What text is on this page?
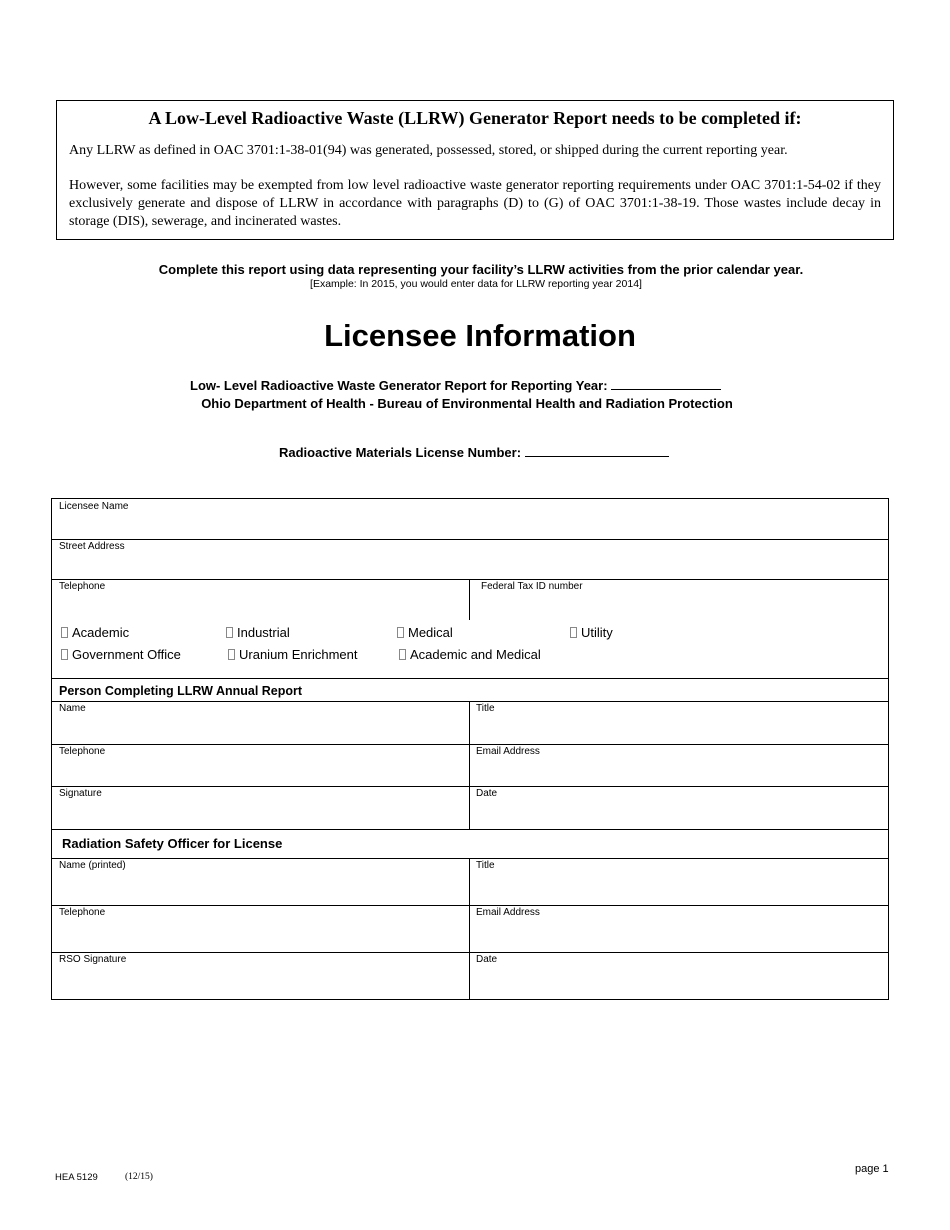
A Low-Level Radioactive Waste (LLRW) Generator Report needs to be completed if:
Any LLRW as defined in OAC 3701:1-38-01(94) was generated, possessed, stored, or shipped during the current reporting year.
However, some facilities may be exempted from low level radioactive waste generator reporting requirements under OAC 3701:1-54-02 if they exclusively generate and dispose of LLRW in accordance with paragraphs (D) to (G) of OAC 3701:1-38-19. Those wastes include decay in storage (DIS), sewerage, and incinerated wastes.
Complete this report using data representing your facility’s LLRW activities from the prior calendar year.
[Example: In 2015, you would enter data for LLRW reporting year 2014]
Licensee Information
Low- Level Radioactive Waste Generator Report for Reporting Year:
Ohio Department of Health - Bureau of Environmental Health and Radiation Protection
Radioactive Materials License Number:
Licensee Name
Street Address
Telephone	Federal Tax ID number
Academic	Industrial	Medical	Utility
Government Office	Uranium Enrichment	Academic and Medical
Person Completing LLRW Annual Report
Name	Title
Telephone	Email Address
Signature	Date
Radiation Safety Officer for License
Name (printed)	Title
Telephone	Email Address
RSO Signature	Date
HEA 5129	(12/15)
page 1
